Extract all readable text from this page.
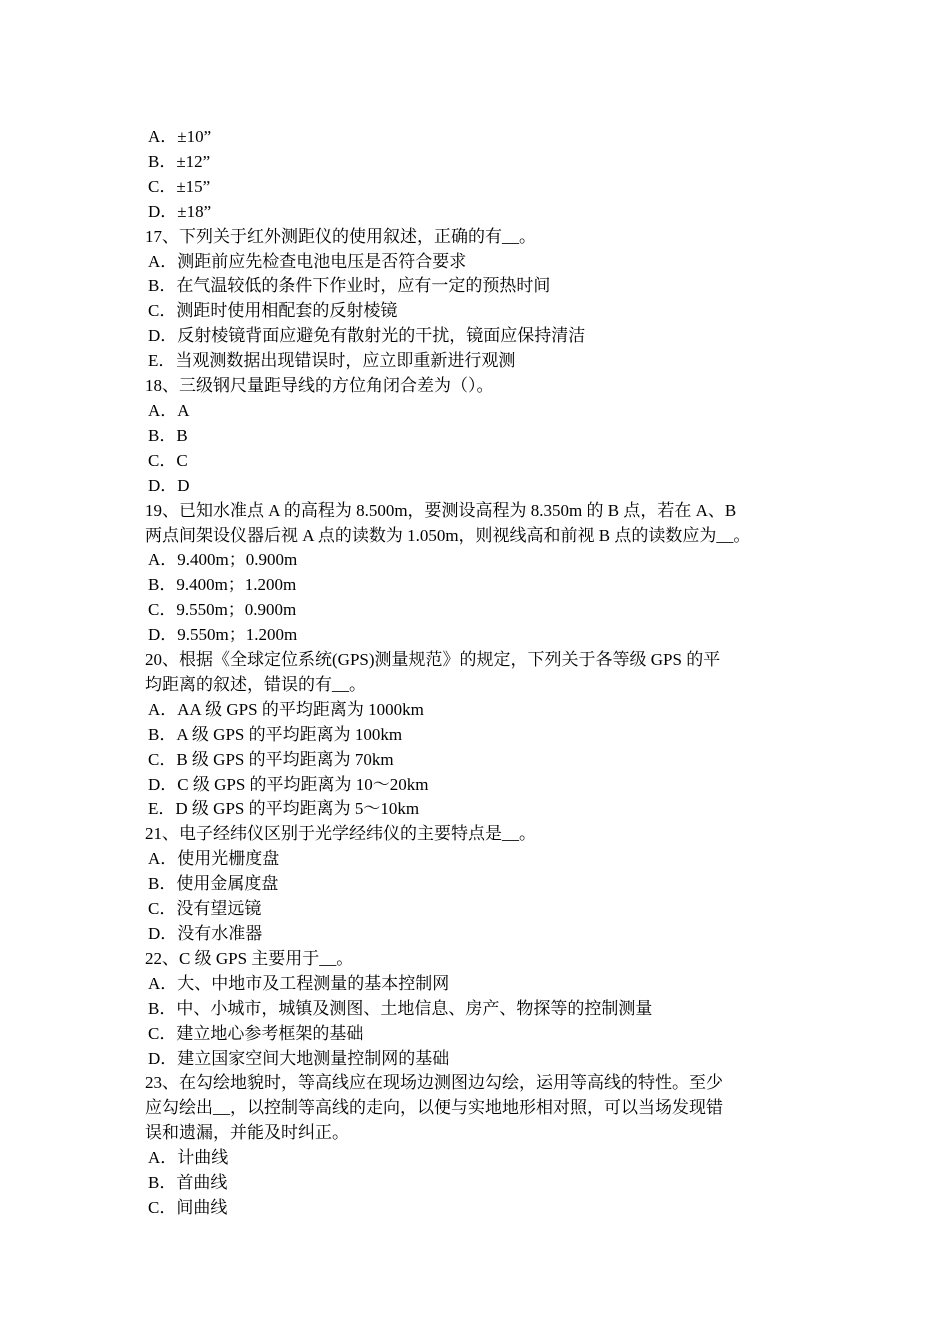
A．±10”
B．±12”
C．±15”
D．±18”
17、下列关于红外测距仪的使用叙述，正确的有__。
A．测距前应先检查电池电压是否符合要求
B．在气温较低的条件下作业时，应有一定的预热时间
C．测距时使用相配套的反射棱镜
D．反射棱镜背面应避免有散射光的干扰，镜面应保持清洁
E．当观测数据出现错误时，应立即重新进行观测
18、三级钢尺量距导线的方位角闭合差为（）。
A．A
B．B
C．C
D．D
19、已知水准点 A 的高程为 8.500m，要测设高程为 8.350m 的 B 点，若在 A、B
两点间架设仪器后视 A 点的读数为 1.050m，则视线高和前视 B 点的读数应为__。
A．9.400m；0.900m
B．9.400m；1.200m
C．9.550m；0.900m
D．9.550m；1.200m
20、根据《全球定位系统(GPS)测量规范》的规定，下列关于各等级 GPS 的平
均距离的叙述，错误的有__。
A．AA 级 GPS 的平均距离为 1000km
B．A 级 GPS 的平均距离为 100km
C．B 级 GPS 的平均距离为 70km
D．C 级 GPS 的平均距离为 10～20km
E．D 级 GPS 的平均距离为 5～10km
21、电子经纬仪区别于光学经纬仪的主要特点是__。
A．使用光栅度盘
B．使用金属度盘
C．没有望远镜
D．没有水准器
22、C 级 GPS 主要用于__。
A．大、中地市及工程测量的基本控制网
B．中、小城市，城镇及测图、土地信息、房产、物探等的控制测量
C．建立地心参考框架的基础
D．建立国家空间大地测量控制网的基础
23、在勾绘地貌时，等高线应在现场边测图边勾绘，运用等高线的特性。至少
应勾绘出__，以控制等高线的走向，以便与实地地形相对照，可以当场发现错
误和遗漏，并能及时纠正。
A．计曲线
B．首曲线
C．间曲线
